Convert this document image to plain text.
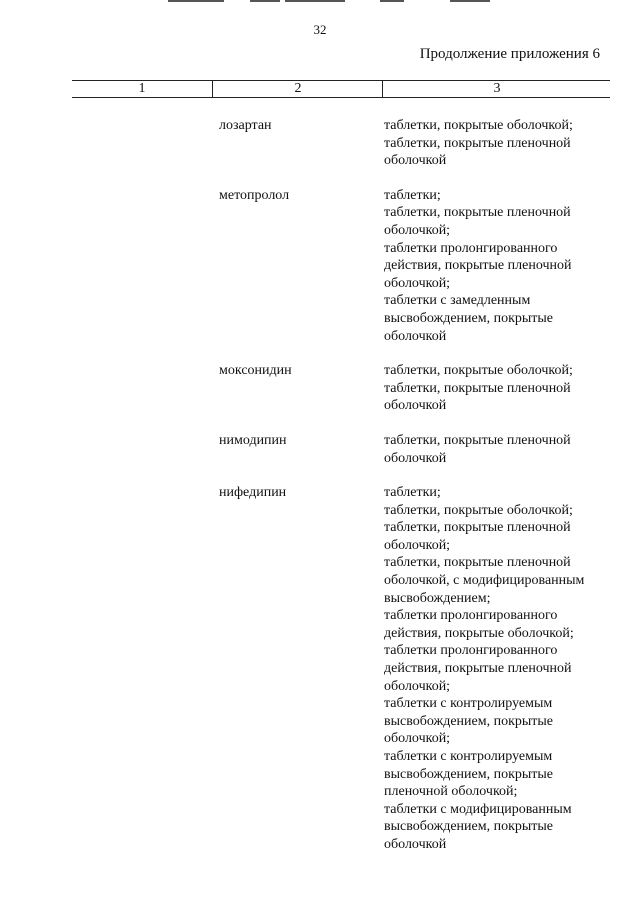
32
Продолжение приложения 6
1	2	3
лозартан	таблетки, покрытые оболочкой;
таблетки, покрытые пленочной
оболочкой
метопролол	таблетки;
таблетки, покрытые пленочной
оболочкой;
таблетки пролонгированного
действия, покрытые пленочной
оболочкой;
таблетки с замедленным
высвобождением, покрытые
оболочкой
моксонидин	таблетки, покрытые оболочкой;
таблетки, покрытые пленочной
оболочкой
нимодипин	таблетки, покрытые пленочной
оболочкой
нифедипин	таблетки;
таблетки, покрытые оболочкой;
таблетки, покрытые пленочной
оболочкой;
таблетки, покрытые пленочной
оболочкой, с модифицированным
высвобождением;
таблетки пролонгированного
действия, покрытые оболочкой;
таблетки пролонгированного
действия, покрытые пленочной
оболочкой;
таблетки с контролируемым
высвобождением, покрытые
оболочкой;
таблетки с контролируемым
высвобождением, покрытые
пленочной оболочкой;
таблетки с модифицированным
высвобождением, покрытые
оболочкой
